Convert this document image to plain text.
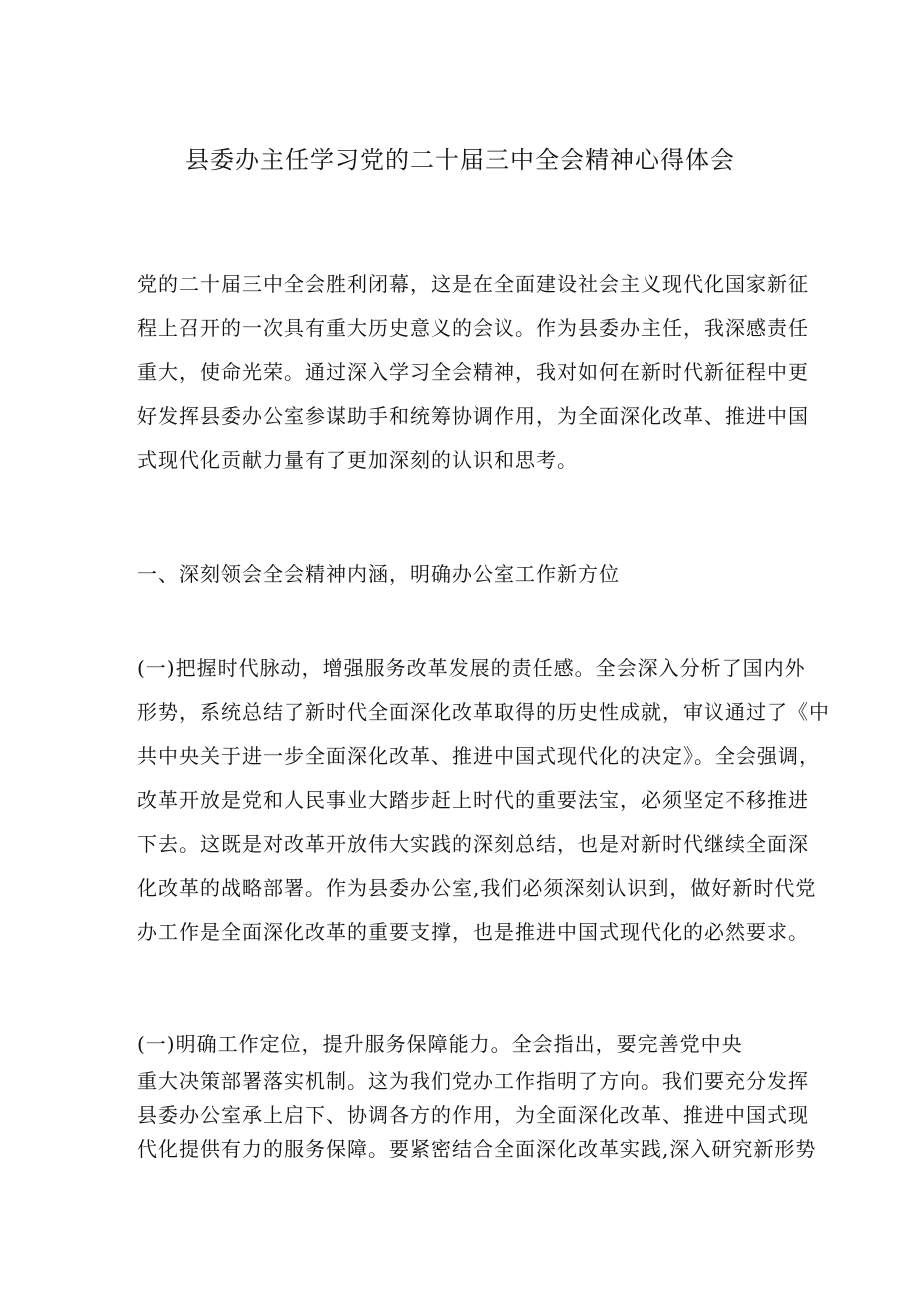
县委办主任学习党的二十届三中全会精神心得体会
党的二十届三中全会胜利闭幕，这是在全面建设社会主义现代化国家新征
程上召开的一次具有重大历史意义的会议。作为县委办主任，我深感责任
重大，使命光荣。通过深入学习全会精神，我对如何在新时代新征程中更
好发挥县委办公室参谋助手和统筹协调作用，为全面深化改革、推进中国
式现代化贡献力量有了更加深刻的认识和思考。
一、深刻领会全会精神内涵，明确办公室工作新方位
(一)把握时代脉动，增强服务改革发展的责任感。全会深入分析了国内外
形势，系统总结了新时代全面深化改革取得的历史性成就，审议通过了《中
共中央关于进一步全面深化改革、推进中国式现代化的决定》。全会强调，
改革开放是党和人民事业大踏步赶上时代的重要法宝，必须坚定不移推进
下去。这既是对改革开放伟大实践的深刻总结，也是对新时代继续全面深
化改革的战略部署。作为县委办公室,我们必须深刻认识到，做好新时代党
办工作是全面深化改革的重要支撑，也是推进中国式现代化的必然要求。
(一)明确工作定位，提升服务保障能力。全会指出，要完善党中央
重大决策部署落实机制。这为我们党办工作指明了方向。我们要充分发挥
县委办公室承上启下、协调各方的作用，为全面深化改革、推进中国式现
代化提供有力的服务保障。要紧密结合全面深化改革实践,深入研究新形势
